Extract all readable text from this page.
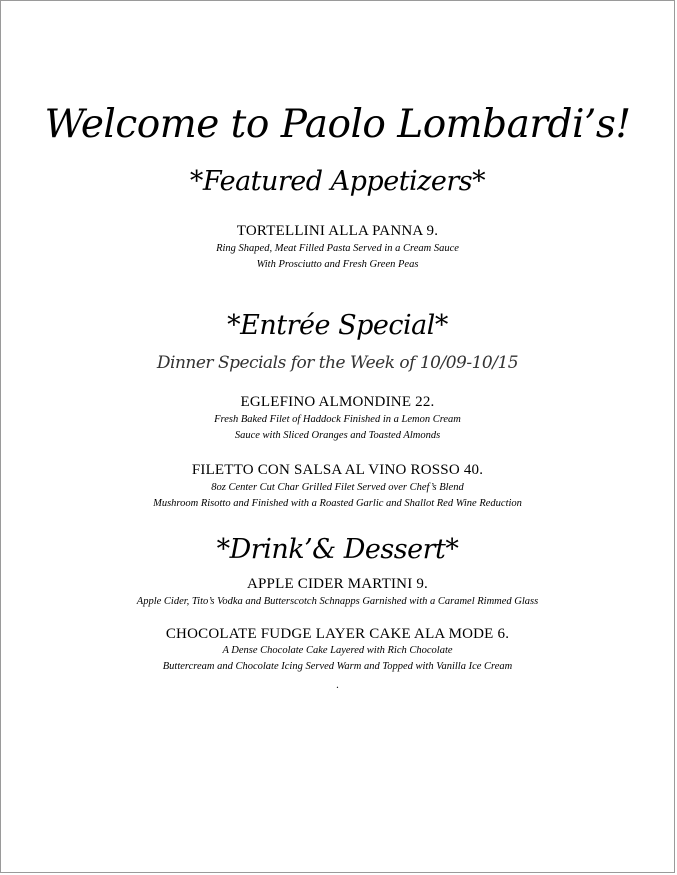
Welcome to Paolo Lombardi’s!
*Featured Appetizers*
TORTELLINI ALLA PANNA 9.
Ring Shaped, Meat Filled Pasta Served in a Cream Sauce
With Prosciutto and Fresh Green Peas
*Entrée Special*
Dinner Specials for the Week of 10/09-10/15
EGLEFINO ALMONDINE 22.
Fresh Baked Filet of Haddock Finished in a Lemon Cream
Sauce with Sliced Oranges and Toasted Almonds
FILETTO CON SALSA AL VINO ROSSO 40.
8oz Center Cut Char Grilled Filet Served over Chef’s Blend
Mushroom Risotto and Finished with a Roasted Garlic and Shallot Red Wine Reduction
*Drink’& Dessert*
APPLE CIDER MARTINI 9.
Apple Cider, Tito’s Vodka and Butterscotch Schnapps Garnished with a Caramel Rimmed Glass
CHOCOLATE FUDGE LAYER CAKE ALA MODE 6.
A Dense Chocolate Cake Layered with Rich Chocolate
Buttercream and Chocolate Icing Served Warm and Topped with Vanilla Ice Cream
.
